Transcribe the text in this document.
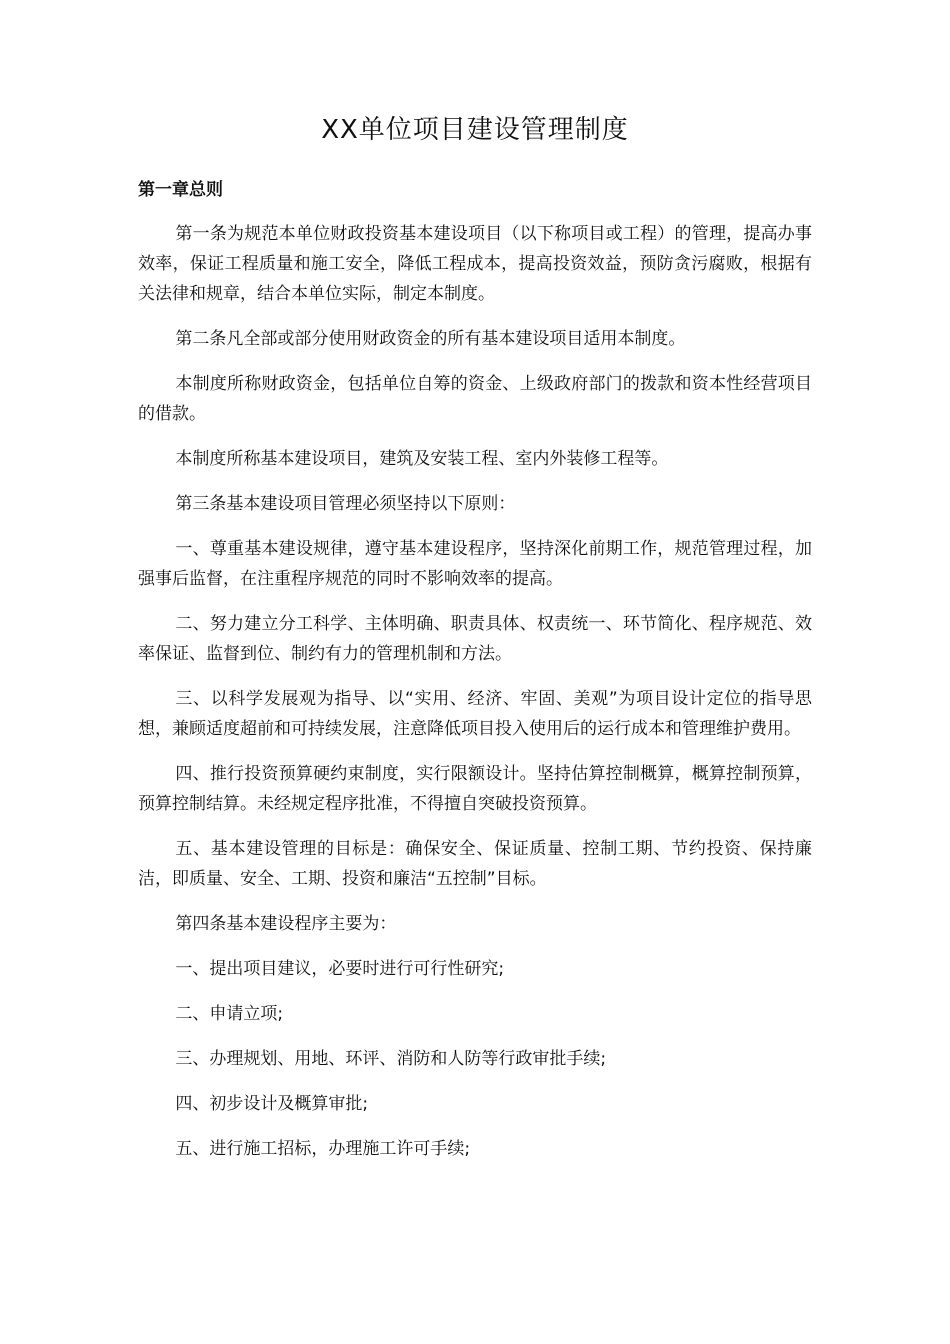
XX单位项目建设管理制度

第一章总则

第一条为规范本单位财政投资基本建设项目（以下称项目或工程）的管理，提高办事效率，保证工程质量和施工安全，降低工程成本，提高投资效益，预防贪污腐败，根据有关法律和规章，结合本单位实际，制定本制度。

第二条凡全部或部分使用财政资金的所有基本建设项目适用本制度。

本制度所称财政资金，包括单位自筹的资金、上级政府部门的拨款和资本性经营项目的借款。

本制度所称基本建设项目，建筑及安装工程、室内外装修工程等。

第三条基本建设项目管理必须坚持以下原则：

一、尊重基本建设规律，遵守基本建设程序，坚持深化前期工作，规范管理过程，加强事后监督，在注重程序规范的同时不影响效率的提高。

二、努力建立分工科学、主体明确、职责具体、权责统一、环节简化、程序规范、效率保证、监督到位、制约有力的管理机制和方法。

三、以科学发展观为指导、以“实用、经济、牢固、美观”为项目设计定位的指导思想，兼顾适度超前和可持续发展，注意降低项目投入使用后的运行成本和管理维护费用。

四、推行投资预算硬约束制度，实行限额设计。坚持估算控制概算，概算控制预算，预算控制结算。未经规定程序批准，不得擅自突破投资预算。

五、基本建设管理的目标是：确保安全、保证质量、控制工期、节约投资、保持廉洁，即质量、安全、工期、投资和廉洁“五控制”目标。

第四条基本建设程序主要为：

一、提出项目建议，必要时进行可行性研究;

二、申请立项;

三、办理规划、用地、环评、消防和人防等行政审批手续;

四、初步设计及概算审批;

五、进行施工招标，办理施工许可手续;
